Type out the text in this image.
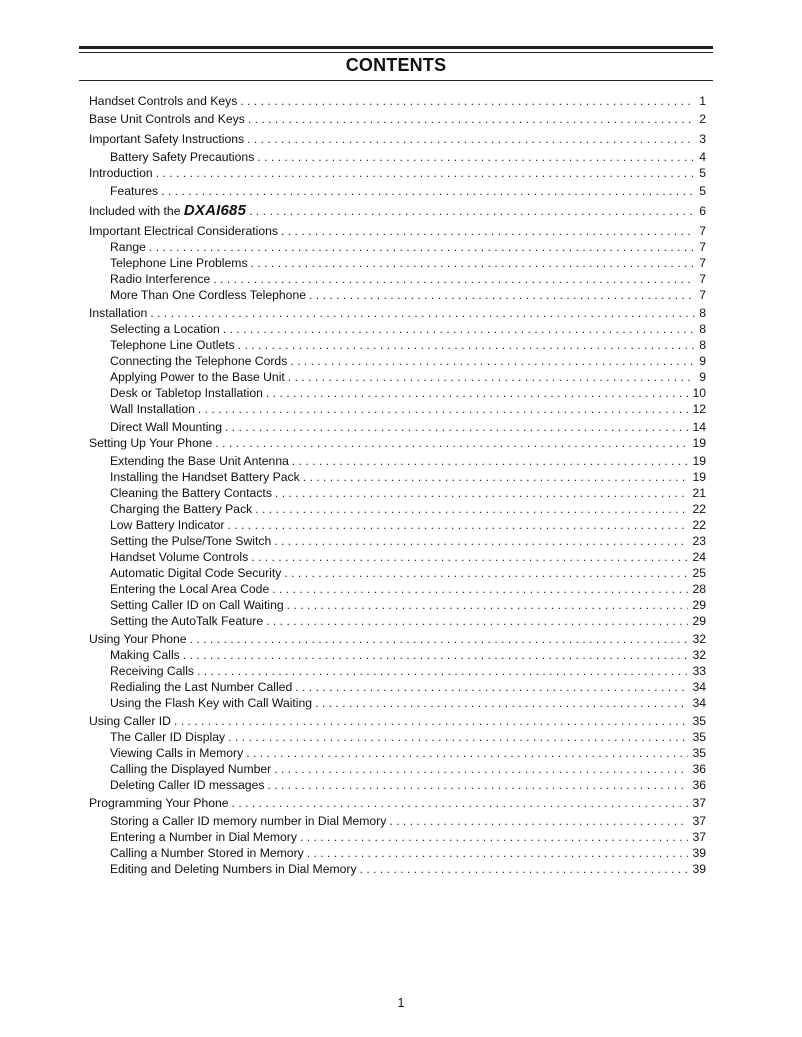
CONTENTS
Handset Controls and Keys . . .	1
Base Unit Controls and Keys . . .	2
Important Safety Instructions . . .	3
Battery Safety Precautions . . .	4
Introduction . . .	5
Features . . .	5
Included with the DXAI685 . . .	6
Important Electrical Considerations . . .	7
Range . . .	7
Telephone Line Problems . . .	7
Radio Interference . . .	7
More Than One Cordless Telephone . . .	7
Installation . . .	8
Selecting a Location . . .	8
Telephone Line Outlets . . .	8
Connecting the Telephone Cords . . .	9
Applying Power to the Base Unit . . .	9
Desk or Tabletop Installation . . .	10
Wall Installation . . .	12
Direct Wall Mounting . . .	14
Setting Up Your Phone . . .	19
Extending the Base Unit Antenna . . .	19
Installing the Handset Battery Pack . . .	19
Cleaning the Battery Contacts . . .	21
Charging the Battery Pack . . .	22
Low Battery Indicator . . .	22
Setting the Pulse/Tone Switch . . .	23
Handset Volume Controls . . .	24
Automatic Digital Code Security . . .	25
Entering the Local Area Code . . .	28
Setting Caller ID on Call Waiting . . .	29
Setting the AutoTalk Feature . . .	29
Using Your Phone . . .	32
Making Calls . . .	32
Receiving Calls . . .	33
Redialing the Last Number Called . . .	34
Using the Flash Key with Call Waiting . . .	34
Using Caller ID . . .	35
The Caller ID Display . . .	35
Viewing Calls in Memory . . .	35
Calling the Displayed Number . . .	36
Deleting Caller ID messages . . .	36
Programming Your Phone . . .	37
Storing a Caller ID memory number in Dial Memory . . .	37
Entering a Number in Dial Memory . . .	37
Calling a Number Stored in Memory . . .	39
Editing and Deleting Numbers in Dial Memory . . .	39
1
